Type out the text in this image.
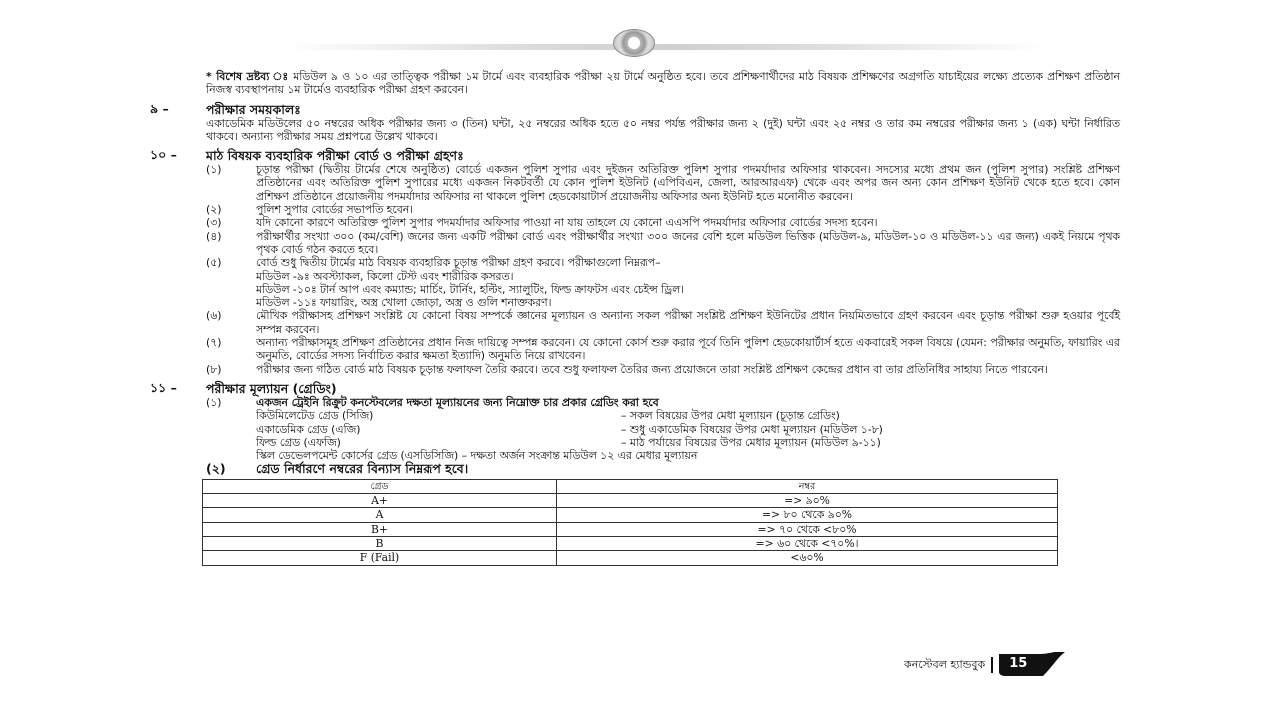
* বিশেষ দ্রষ্টব্য ঃ মডিউল ৯ ও ১০ এর তাত্ত্বিক পরীক্ষা ১ম টার্মে এবং ব্যবহারিক পরীক্ষা ২য় টার্মে অনুষ্ঠিত হবে। তবে প্রশিক্ষণার্থীদের মাঠ বিষয়ক প্রশিক্ষণের অগ্রগতি যাচাইয়ের লক্ষ্যে প্রত্যেক প্রশিক্ষণ প্রতিষ্ঠান নিজস্ব ব্যবস্থাপনায় ১ম টার্মেও ব্যবহারিক পরীক্ষা গ্রহণ করবেন।
৯ –	পরীক্ষার সময়কালঃ
একাডেমিক মডিউলের ৫০ নম্বরের অধিক পরীক্ষার জন্য ৩ (তিন) ঘন্টা, ২৫ নম্বরের অধিক হতে ৫০ নম্বর পর্যন্ত পরীক্ষার জন্য ২ (দুই) ঘন্টা এবং ২৫ নম্বর ও তার কম নম্বরের পরীক্ষার জন্য ১ (এক) ঘন্টা নির্ধারিত থাকবে। অন্যান্য পরীক্ষার সময় প্রশ্নপত্রে উল্লেখ থাকবে।
১০ –	মাঠ বিষয়ক ব্যবহারিক পরীক্ষা বোর্ড ও পরীক্ষা গ্রহণঃ
(১)	চূড়ান্ত পরীক্ষা (দ্বিতীয় টার্মের শেষে অনুষ্ঠিত) বোর্ডে একজন পুলিশ সুপার এবং দুইজন অতিরিক্ত পুলিশ সুপার পদমর্যাদার অফিসার থাকবেন। সদস্যের মধ্যে প্রথম জন (পুলিশ সুপার) সংশ্লিষ্ট প্রশিক্ষণ প্রতিষ্ঠানের এবং অতিরিক্ত পুলিশ সুপারের মধ্যে একজন নিকটবর্তী যে কোন পুলিশ ইউনিট (এপিবিএন, জেলা, আরআরএফ) থেকে এবং অপর জন অন্য কোন প্রশিক্ষণ ইউনিট থেকে হতে হবে। কোন প্রশিক্ষণ প্রতিষ্ঠানে প্রয়োজনীয় পদমর্যাদার অফিসার না থাকলে পুলিশ হেডকোয়াটার্স প্রয়োজনীয় অফিসার অন্য ইউনিট হতে মনোনীত করবেন।
(২)	পুলিশ সুপার বোর্ডের সভাপতি হবেন।
(৩)	যদি কোনো কারণে অতিরিক্ত পুলিশ সুপার পদমর্যাদার অফিসার পাওয়া না যায় তাহলে যে কোনো এএসপি পদমর্যাদার অফিসার বোর্ডের সদস্য হবেন।
(৪)	পরীক্ষার্থীর সংখ্যা ৩০০ (কম/বেশি) জনের জন্য একটি পরীক্ষা বোর্ড এবং পরীক্ষার্থীর সংখ্যা ৩০০ জনের বেশি হলে মডিউল ভিত্তিক (মডিউল-৯, মডিউল-১০ ও মডিউল-১১ এর জন্য) একই নিয়মে পৃথক পৃথক বোর্ড গঠন করতে হবে।
(৫)	বোর্ড শুধু দ্বিতীয় টার্মের মাঠ বিষয়ক ব্যবহারিক চূড়ান্ত পরীক্ষা গ্রহণ করবে। পরীক্ষাগুলো নিম্নরূপ–
মডিউল -৯ঃ অবস্ট্যাকল, কিলো টেস্ট এবং শারীরিক কসরত।
মডিউল -১০ঃ টার্ন আপ এবং কম্যান্ড; মার্চিং, টার্নিং, হল্টিং, স্যালুটিং, ফিল্ড ক্রাফটস এবং চেইন্স ড্রিল।
মডিউল -১১ঃ ফায়ারিং, অস্ত্র খোলা জোড়া, অস্ত্র ও গুলি শনাক্তকরণ।
(৬)	মৌখিক পরীক্ষাসহ প্রশিক্ষণ সংশ্লিষ্ট যে কোনো বিষয় সম্পর্কে জ্ঞানের মূল্যায়ন ও অন্যান্য সকল পরীক্ষা সংশ্লিষ্ট প্রশিক্ষণ ইউনিটের প্রধান নিয়মিতভাবে গ্রহণ করবেন এবং চূড়ান্ত পরীক্ষা শুরু হওয়ার পূর্বেই সম্পন্ন করবেন।
(৭)	অন্যান্য পরীক্ষাসমূহ প্রশিক্ষণ প্রতিষ্ঠানের প্রধান নিজ দায়িত্বে সম্পন্ন করবেন। যে কোনো কোর্স শুরু করার পূর্বে তিনি পুলিশ হেডকোয়ার্টার্স হতে একবারেই সকল বিষয়ে (যেমন: পরীক্ষার অনুমতি, ফায়ারিং এর অনুমতি, বোর্ডের সদস্য নির্বাচিত করার ক্ষমতা ইত্যাদি) অনুমতি নিয়ে রাখবেন।
(৮)	পরীক্ষার জন্য গঠিত বোর্ড মাঠ বিষয়ক চূড়ান্ত ফলাফল তৈরি করবে। তবে শুধু ফলাফল তৈরির জন্য প্রয়োজনে তারা সংশ্লিষ্ট প্রশিক্ষণ কেন্দ্রের প্রধান বা তার প্রতিনিধির সাহায্য নিতে পারবেন।
১১ –	পরীক্ষার মূল্যায়ন (গ্রেডিং)
(১)	একজন ট্রেইনি রিক্রুট কনস্টেবলের দক্ষতা মূল্যায়নের জন্য নিম্নোক্ত চার প্রকার গ্রেডিং করা হবে
কিউমিলেটেড গ্রেড (সিজি)	– সকল বিষয়ের উপর মেধা মূল্যায়ন (চূড়ান্ত গ্রেডিং)
একাডেমিক গ্রেড (এজি)	– শুধু একাডেমিক বিষয়ের উপর মেধা মূল্যায়ন (মডিউল ১-৮)
ফিল্ড গ্রেড (এফজি)	– মাঠ পর্যায়ের বিষয়ের উপর মেধার মূল্যায়ন (মডিউল ৯-১১)
স্কিল ডেভেলপমেন্ট কোর্সের গ্রেড (এসডিসিজি) – দক্ষতা অর্জন সংক্রান্ত মডিউল ১২ এর মেধার মূল্যায়ন
(২)	গ্রেড নির্ধারণে নম্বরের বিন্যাস নিম্নরূপ হবে।
গ্রেড	নম্বর
A+	=> ৯০%
A	=> ৮০ থেকে ৯০%
B+	=> ৭০ থেকে <৮০%
B	=> ৬০ থেকে <৭০%।
F (Fail)	<৬০%
কনস্টেবল হ্যান্ডবুক 15
